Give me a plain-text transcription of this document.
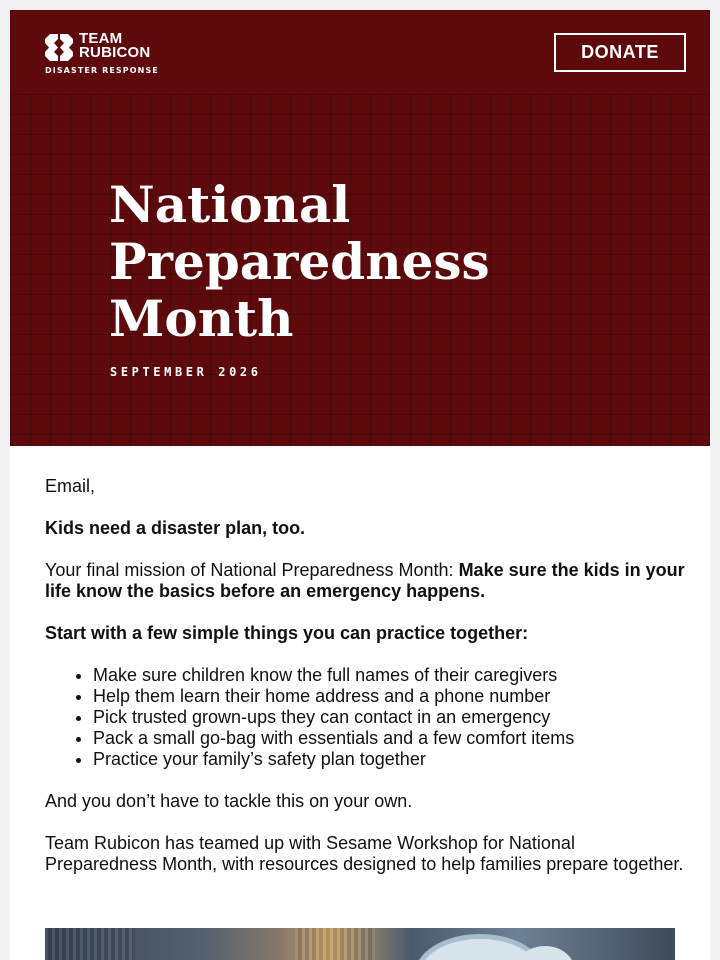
TEAM
RUBICON
DISASTER RESPONSE
DONATE
National
Preparedness
Month
SEPTEMBER 2026

Email,

Kids need a disaster plan, too.

Your final mission of National Preparedness Month: Make sure the kids in your life know the basics before an emergency happens.

Start with a few simple things you can practice together:

• Make sure children know the full names of their caregivers
• Help them learn their home address and a phone number
• Pick trusted grown-ups they can contact in an emergency
• Pack a small go-bag with essentials and a few comfort items
• Practice your family’s safety plan together

And you don’t have to tackle this on your own.

Team Rubicon has teamed up with Sesame Workshop for National Preparedness Month, with resources designed to help families prepare together.
